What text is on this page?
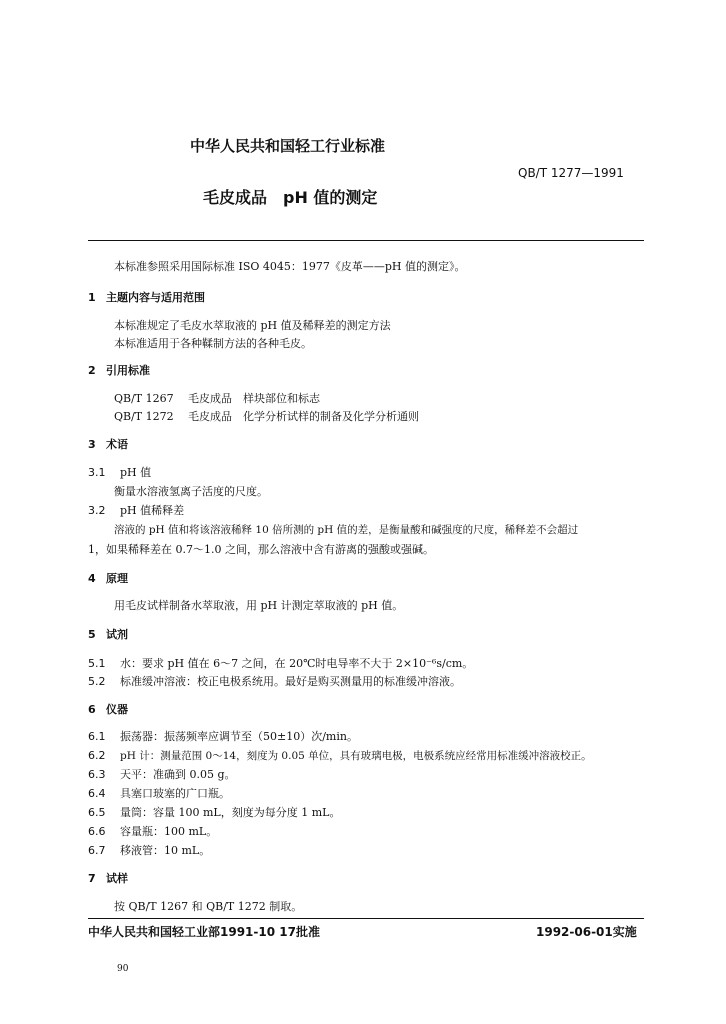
中华人民共和国轻工行业标准
QB/T 1277—1991
毛皮成品　pH 值的测定
本标准参照采用国际标准 ISO 4045：1977《皮革——pH 值的测定》。
1 主题内容与适用范围
本标准规定了毛皮水萃取液的 pH 值及稀释差的测定方法
本标准适用于各种鞣制方法的各种毛皮。
2 引用标准
QB/T 1267 毛皮成品　样块部位和标志
QB/T 1272 毛皮成品　化学分析试样的制备及化学分析通则
3 术语
3.1 pH 值
衡量水溶液氢离子活度的尺度。
3.2 pH 值稀释差
溶液的 pH 值和将该溶液稀释 10 倍所测的 pH 值的差，是衡量酸和碱强度的尺度，稀释差不会超过
1，如果稀释差在 0.7～1.0 之间，那么溶液中含有游离的强酸或强碱。
4 原理
用毛皮试样制备水萃取液，用 pH 计测定萃取液的 pH 值。
5 试剂
5.1 水：要求 pH 值在 6～7 之间，在 20℃时电导率不大于 2×10⁻⁶s/cm。
5.2 标准缓冲溶液：校正电极系统用。最好是购买测量用的标准缓冲溶液。
6 仪器
6.1 振荡器：振荡频率应调节至（50±10）次/min。
6.2 pH 计：测量范围 0～14，刻度为 0.05 单位，具有玻璃电极，电极系统应经常用标准缓冲溶液校正。
6.3 天平：准确到 0.05 g。
6.4 具塞口玻塞的广口瓶。
6.5 量筒：容量 100 mL，刻度为每分度 1 mL。
6.6 容量瓶：100 mL。
6.7 移液管：10 mL。
7 试样
按 QB/T 1267 和 QB/T 1272 制取。
中华人民共和国轻工业部1991-10 17批准	1992-06-01实施
90
